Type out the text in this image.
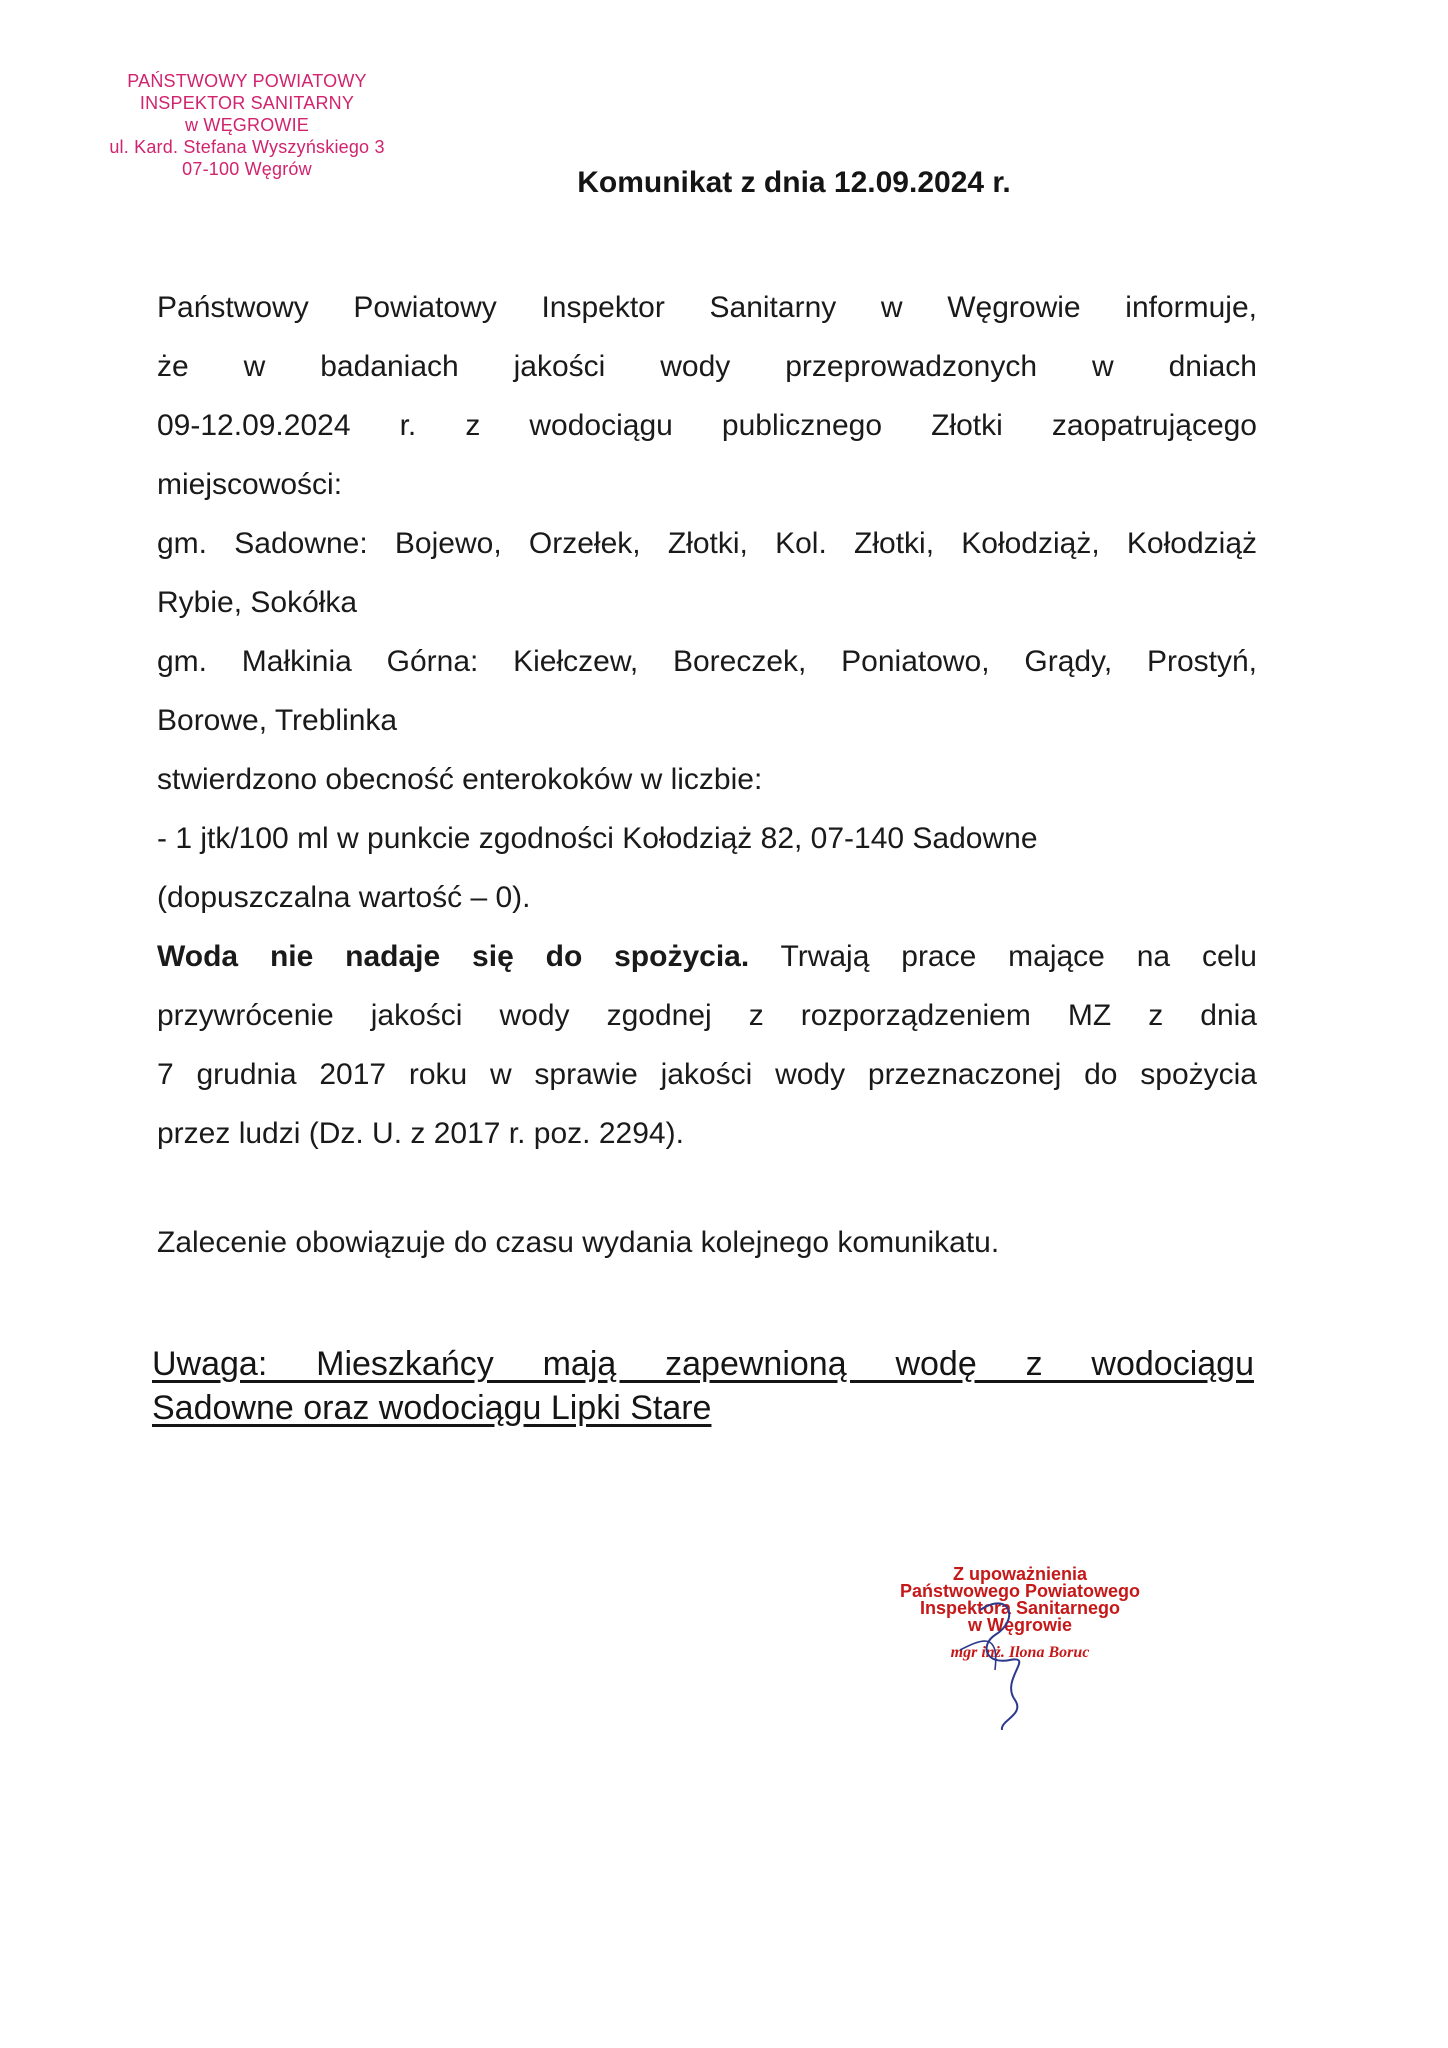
PAŃSTWOWY POWIATOWY
INSPEKTOR SANITARNY
w WĘGROWIE
ul. Kard. Stefana Wyszyńskiego 3
07-100 Węgrów	Komunikat z dnia 12.09.2024 r.

Państwowy Powiatowy Inspektor Sanitarny w Węgrowie informuje,

że w badaniach jakości wody przeprowadzonych w dniach

09-12.09.2024 r. z wodociągu publicznego Złotki zaopatrującego

miejscowości:

gm. Sadowne: Bojewo, Orzełek, Złotki, Kol. Złotki, Kołodziąż, Kołodziąż

Rybie, Sokółka

gm. Małkinia Górna: Kiełczew, Boreczek, Poniatowo, Grądy, Prostyń,

Borowe, Treblinka

stwierdzono obecność enterokoków w liczbie:

- 1 jtk/100 ml w punkcie zgodności Kołodziąż 82, 07-140 Sadowne

(dopuszczalna wartość – 0).

Woda nie nadaje się do spożycia. Trwają prace mające na celu

przywrócenie jakości wody zgodnej z rozporządzeniem MZ z dnia

7 grudnia 2017 roku w sprawie jakości wody przeznaczonej do spożycia

przez ludzi (Dz. U. z 2017 r. poz. 2294).

Zalecenie obowiązuje do czasu wydania kolejnego komunikatu.

Uwaga: Mieszkańcy mają zapewnioną wodę z wodociągu
Sadowne oraz wodociągu Lipki Stare
Z upoważnienia
Państwowego Powiatowego
Inspektora Sanitarnego
w Węgrowie
mgr inż. Ilona Boruc
